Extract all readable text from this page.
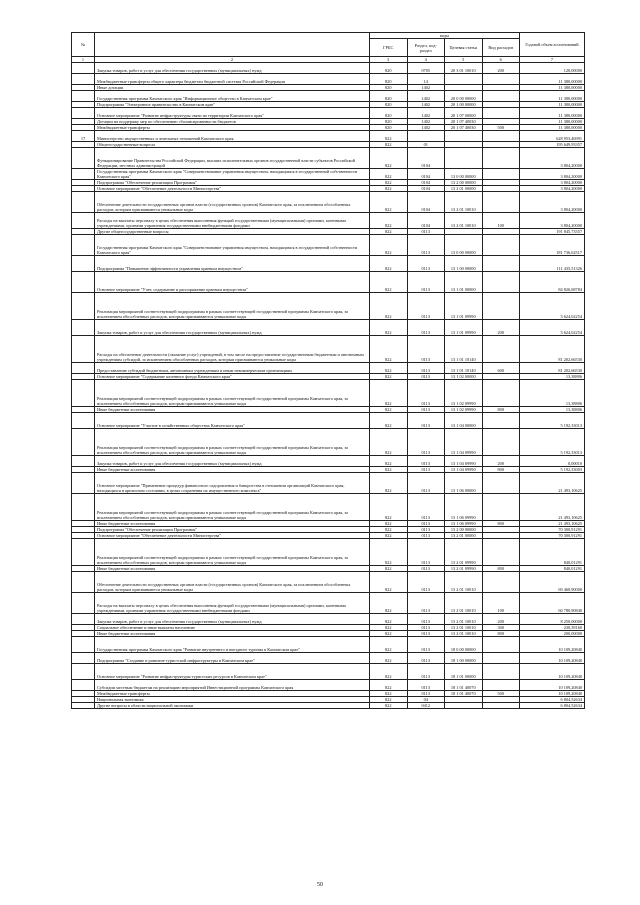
№		коды				Годовой объем ассигнований
		ГРБС	Раздел, под- раздел	Целевая статья	Вид расходов	
1	2	3	4	5	6	7
	Закупка товаров, работ и услуг для обеспечения государственных (муниципальных) нужд	820	0705	20 3 01 10010	200	120,00000
	Межбюджетные трансферты общего характера бюджетам бюджетной системы Российской Федерации	820	14			11 380,00000
	Иные дотации	820	1402			11 380,00000
	Государственная программа Камчатского края "Информационное общество в Камчатском крае"	820	1402	20 0 00 00000		11 380,00000
	Подпрограмма "Электронное правительство в Камчатском крае"	820	1402	20 1 00 00000		11 380,00000
	Основное мероприятие "Развитие инфраструктуры связи на территории Камчатского края"	820	1402	20 1 07 00000		11 380,00000
	Дотации на поддержку мер по обеспечению сбалансированности бюджетов	820	1402	20 1 07 40030		11 380,00000
	Межбюджетные трансферты	820	1402	20 1 07 40030	500	11 380,00000
17	Министерство имущественных и земельных отношений Камчатского края	822				628 953,46991
	Общегосударственные вопросы	822	01			195 649,93357
	Функционирование Правительства Российской Федерации, высших исполнительных органов государственной власти субъектов Российской Федерации, местных администраций	822	0104			3 804,20000
	Государственная программа Камчатского края "Совершенствование управления имуществом, находящимся в государственной собственности Камчатского края"	822	0104	13 0 00 00000		3 804,20000
	Подпрограмма "Обеспечение реализации Программы"	822	0104	13 2 00 00000		3 804,20000
	Основное мероприятие "Обеспечение деятельности Министерства"	822	0104	13 2 01 00000		3 804,20000
	Обеспечение деятельности государственных органов власти (государственных органов) Камчатского края, за исключением обособленных расходов, которым присваиваются уникальные коды	822	0104	13 2 01 10010		3 804,20000
	Расходы на выплаты персоналу в целях обеспечения выполнения функций государственными (муниципальными) органами, казенными учреждениями, органами управления государственными внебюджетными фондами	822	0104	13 2 01 10010	100	3 804,20000
	Другие общегосударственные вопросы	822	0113			191 845,73357
	Государственная программа Камчатского края "Совершенствование управления имуществом, находящимся в государственной собственности Камчатского края"	822	0113	13 0 00 00000		181 736,62517
	Подпрограмма "Повышение эффективности управления краевым имуществом"	822	0113	13 1 00 00000		111 435,51326
	Основное мероприятие "Учет, содержание и распоряжение краевым имуществом"	822	0113	13 1 01 00000		84 826,68784
	Реализация мероприятий соответствующей подпрограммы в рамках соответствующей государственной программы Камчатского края, за исключением обособленных расходов, которым присваиваются уникальные коды	822	0113	13 1 01 09990		3 624,02254
	Закупка товаров, работ и услуг для обеспечения государственных (муниципальных) нужд	822	0113	13 1 01 09990	200	3 624,02254
	Расходы на обеспечение деятельности (оказание услуг) учреждений, в том числе на предоставление государственным бюджетным и автономным учреждениям субсидий, за исключением обособленных расходов, которым присваиваются уникальные коды	822	0113	13 1 01 10140		81 202,66530
	Предоставление субсидий бюджетным, автономным учреждениям и иным некоммерческим организациям	822	0113	13 1 01 10140	600	81 202,66530
	Основное мероприятие "Содержание казенного фонда Камчатского края"	822	0113	13 1 02 00000		13,38806
	Реализация мероприятий соответствующей подпрограммы в рамках соответствующей государственной программы Камчатского края, за исключением обособленных расходов, которым присваиваются уникальные коды	822	0113	13 1 02 09990		13,38806
	Иные бюджетные ассигнования	822	0113	13 1 02 09990	800	13,38806
	Основное мероприятие "Участие в хозяйственных обществах Камчатского края"	822	0113	13 1 04 00000		5 192,33013
	Реализация мероприятий соответствующей подпрограммы в рамках соответствующей государственной программы Камчатского края, за исключением обособленных расходов, которым присваиваются уникальные коды	822	0113	13 1 04 09990		5 192,33013
	Закупка товаров, работ и услуг для обеспечения государственных (муниципальных) нужд	822	0113	13 1 04 09990	200	0,00010
	Иные бюджетные ассигнования	822	0113	13 1 04 09990	800	5 192,33003
	Основное мероприятие "Применение процедур финансового оздоровления и банкротства в отношении организаций Камчатского края, находящихся в кризисном состоянии, в целях сохранения их имущественного комплекса"	822	0113	13 1 06 00000		21 493,10625
	Реализация мероприятий соответствующей подпрограммы в рамках соответствующей государственной программы Камчатского края, за исключением обособленных расходов, которым присваиваются уникальные коды	822	0113	13 1 06 09990		21 493,10625
	Иные бюджетные ассигнования	822	0113	13 1 06 09990	800	21 493,10625
	Подпрограмма "Обеспечение реализации Программы"	822	0113	13 2 00 00000		70 300,91291
	Основное мероприятие "Обеспечение деятельности Министерства"	822	0113	13 2 01 00000		70 300,91291
	Реализация мероприятий соответствующей подпрограммы в рамках соответствующей государственной программы Камчатского края, за исключением обособленных расходов, которым присваиваются уникальные коды	822	0113	13 2 01 09990		840,01291
	Иные бюджетные ассигнования	822	0113	13 2 01 09990	800	840,01291
	Обеспечение деятельности государственных органов власти (государственных органов) Камчатского края, за исключением обособленных расходов, которым присваиваются уникальные коды	822	0113	13 2 01 10010		69 460,90000
	Расходы на выплаты персоналу в целях обеспечения выполнения функций государственными (муниципальными) органами, казенными учреждениями, органами управления государственными внебюджетными фондами	822	0113	13 2 01 10010	100	60 780,90840
	Закупка товаров, работ и услуг для обеспечения государственных (муниципальных) нужд	822	0113	13 2 01 10010	200	8 250,00000
	Социальное обеспечение и иные выплаты населению	822	0113	13 2 01 10010	300	230,39160
	Иные бюджетные ассигнования	822	0113	13 2 01 10010	800	200,00000
	Государственная программа Камчатского края "Развитие внутреннего и въездного туризма в Камчатском крае"	822	0113	18 0 00 00000		10 109,20840
	Подпрограмма "Создание и развитие туристской инфраструктуры в Камчатском крае"	822	0113	18 1 00 00000		10 109,20840
	Основное мероприятие "Развитие инфраструктуры туристских ресурсов в Камчатском крае"	822	0113	18 1 01 00000		10 109,20840
	Субсидии местным бюджетам на реализацию мероприятий Инвестиционной программы Камчатского края	822	0113	18 1 01 40070		10 109,20840
	Межбюджетные трансферты	822	0113	18 1 01 40070	500	10 109,20840
	Национальная экономика	822	04			6 804,52634
	Другие вопросы в области национальной экономики	822	0412			6 804,52634
50
